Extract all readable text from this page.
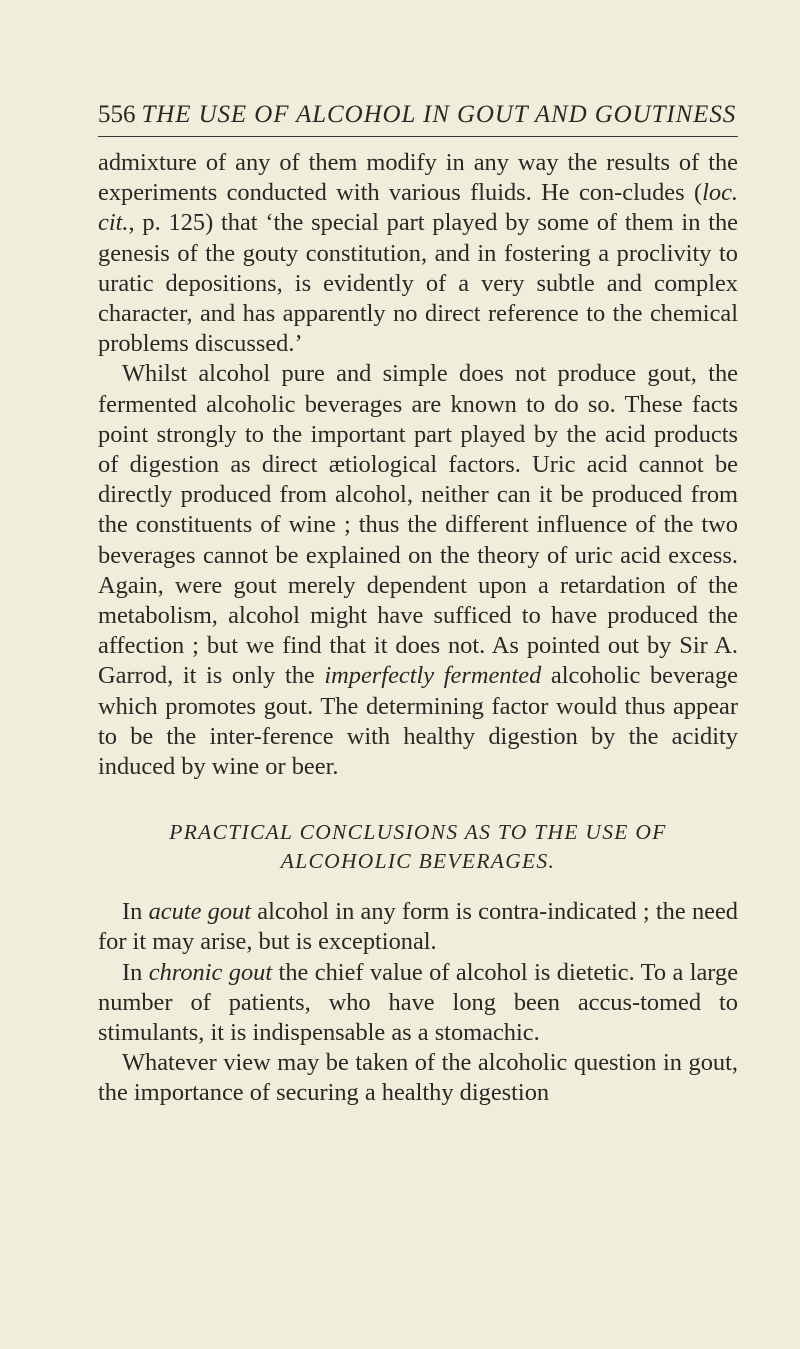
556 THE USE OF ALCOHOL IN GOUT AND GOUTINESS

admixture of any of them modify in any way the results of the experiments conducted with various fluids. He con-cludes (loc. cit., p. 125) that ‘the special part played by some of them in the genesis of the gouty constitution, and in fostering a proclivity to uratic depositions, is evidently of a very subtle and complex character, and has apparently no direct reference to the chemical problems discussed.’

Whilst alcohol pure and simple does not produce gout, the fermented alcoholic beverages are known to do so. These facts point strongly to the important part played by the acid products of digestion as direct ætiological factors. Uric acid cannot be directly produced from alcohol, neither can it be produced from the constituents of wine ; thus the different influence of the two beverages cannot be explained on the theory of uric acid excess. Again, were gout merely dependent upon a retardation of the metabolism, alcohol might have sufficed to have produced the affection ; but we find that it does not. As pointed out by Sir A. Garrod, it is only the imperfectly fermented alcoholic beverage which promotes gout. The determining factor would thus appear to be the inter-ference with healthy digestion by the acidity induced by wine or beer.

PRACTICAL CONCLUSIONS AS TO THE USE OF
ALCOHOLIC BEVERAGES.

In acute gout alcohol in any form is contra-indicated ; the need for it may arise, but is exceptional.

In chronic gout the chief value of alcohol is dietetic. To a large number of patients, who have long been accus-tomed to stimulants, it is indispensable as a stomachic.

Whatever view may be taken of the alcoholic question in gout, the importance of securing a healthy digestion
